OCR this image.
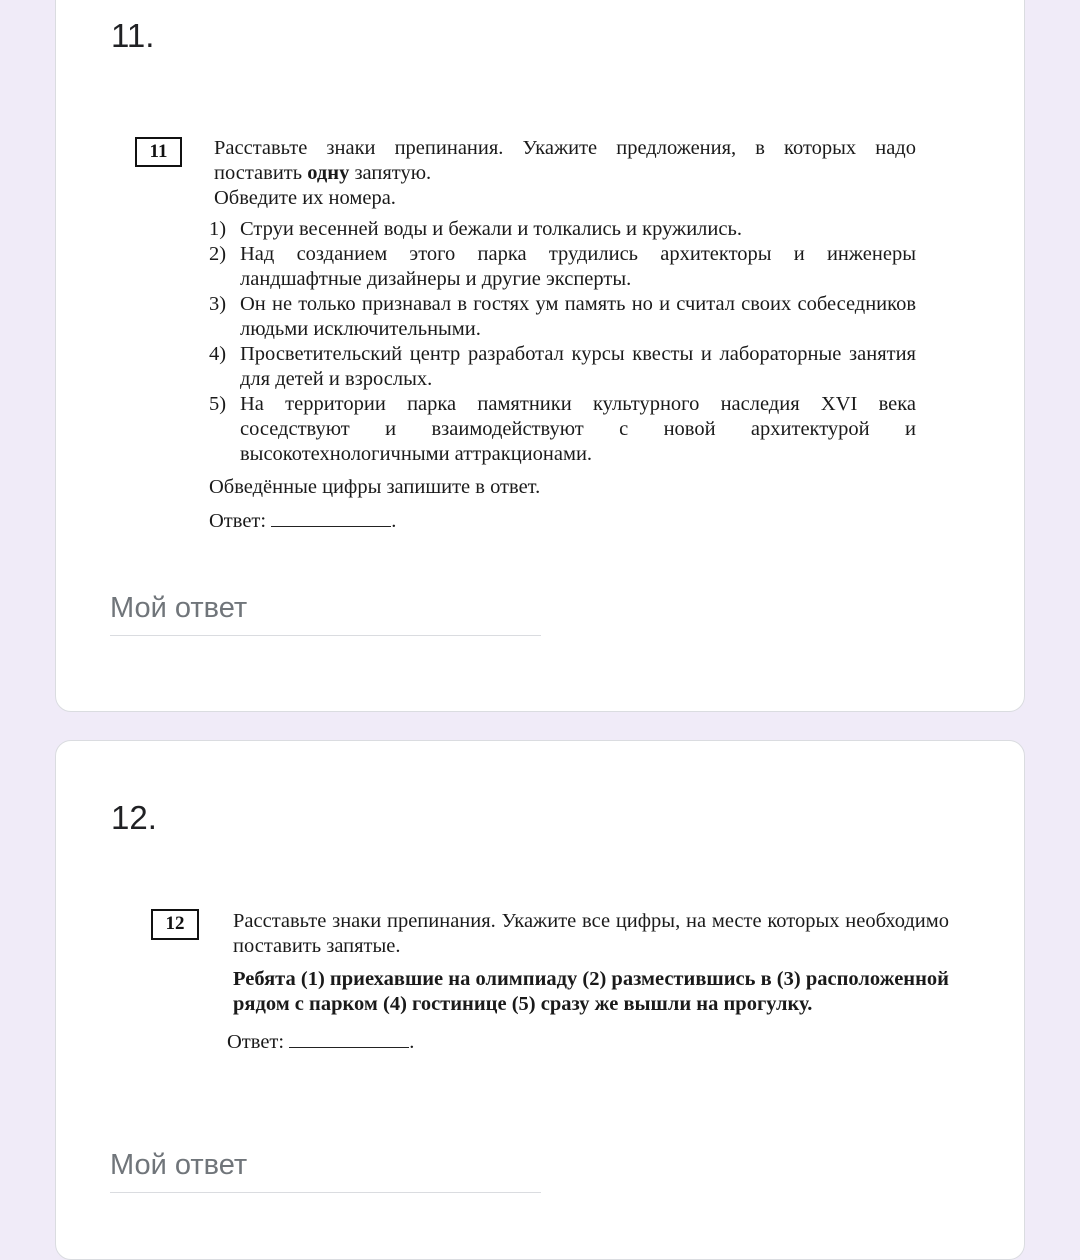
11.
11	Расставьте знаки препинания. Укажите предложения, в которых надо
поставить одну запятую.
Обведите их номера.
1) Струи весенней воды и бежали и толкались и кружились.
2) Над созданием этого парка трудились архитекторы и инженеры ландшафтные дизайнеры и другие эксперты.
3) Он не только признавал в гостях ум память но и считал своих собеседников людьми исключительными.
4) Просветительский центр разработал курсы квесты и лабораторные занятия для детей и взрослых.
5) На территории парка памятники культурного наследия XVI века соседствуют и взаимодействуют с новой архитектурой и высокотехнологичными аттракционами.
Обведённые цифры запишите в ответ.
Ответ:	.
Мой ответ
12.
12	Расставьте знаки препинания. Укажите все цифры, на месте которых необходимо поставить запятые.
Ребята (1) приехавшие на олимпиаду (2) разместившись в (3) расположенной рядом с парком (4) гостинице (5) сразу же вышли на прогулку.
Ответ:	.
Мой ответ
